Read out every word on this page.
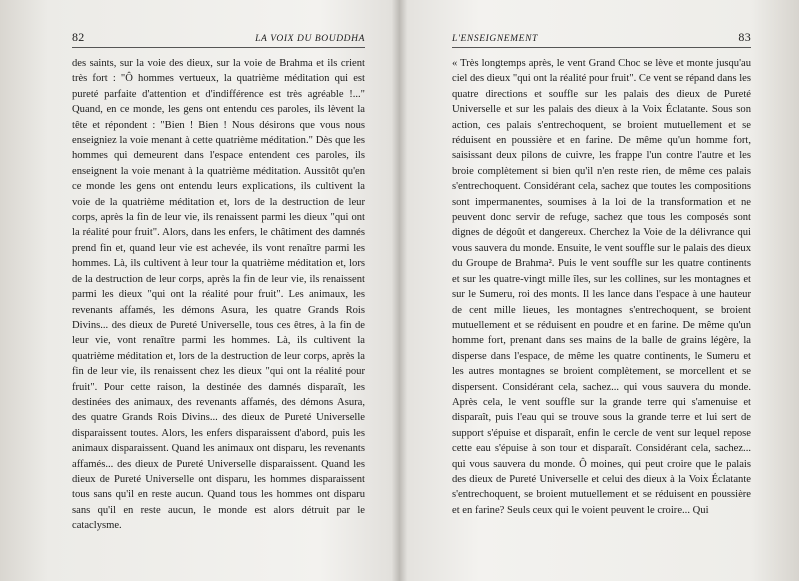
82	LA VOIX DU BOUDDHA

des saints, sur la voie des dieux, sur la voie de Brahma et ils crient très fort : "Ô hommes vertueux, la quatrième méditation qui est pureté parfaite d'attention et d'indifférence est très agréable !..." Quand, en ce monde, les gens ont entendu ces paroles, ils lèvent la tête et répondent : "Bien ! Bien ! Nous désirons que vous nous enseigniez la voie menant à cette quatrième méditation." Dès que les hommes qui demeurent dans l'espace entendent ces paroles, ils enseignent la voie menant à la quatrième méditation. Aussitôt qu'en ce monde les gens ont entendu leurs explications, ils cultivent la voie de la quatrième méditation et, lors de la destruction de leur corps, après la fin de leur vie, ils renaissent parmi les dieux "qui ont la réalité pour fruit". Alors, dans les enfers, le châtiment des damnés prend fin et, quand leur vie est achevée, ils vont renaître parmi les hommes. Là, ils cultivent à leur tour la quatrième méditation et, lors de la destruction de leur corps, après la fin de leur vie, ils renaissent parmi les dieux "qui ont la réalité pour fruit". Les animaux, les revenants affamés, les démons Asura, les quatre Grands Rois Divins... des dieux de Pureté Universelle, tous ces êtres, à la fin de leur vie, vont renaître parmi les hommes. Là, ils cultivent la quatrième méditation et, lors de la destruction de leur corps, après la fin de leur vie, ils renaissent chez les dieux "qui ont la réalité pour fruit". Pour cette raison, la destinée des damnés disparaît, les destinées des animaux, des revenants affamés, des démons Asura, des quatre Grands Rois Divins... des dieux de Pureté Universelle disparaissent toutes. Alors, les enfers disparaissent d'abord, puis les animaux disparaissent. Quand les animaux ont disparu, les revenants affamés... des dieux de Pureté Universelle disparaissent. Quand les dieux de Pureté Universelle ont disparu, les hommes disparaissent tous sans qu'il en reste aucun. Quand tous les hommes ont disparu sans qu'il en reste aucun, le monde est alors détruit par le cataclysme.

L'ENSEIGNEMENT	83

« Très longtemps après, le vent Grand Choc se lève et monte jusqu'au ciel des dieux "qui ont la réalité pour fruit". Ce vent se répand dans les quatre directions et souffle sur les palais des dieux de Pureté Universelle et sur les palais des dieux à la Voix Éclatante. Sous son action, ces palais s'entrechoquent, se broient mutuellement et se réduisent en poussière et en farine. De même qu'un homme fort, saisissant deux pilons de cuivre, les frappe l'un contre l'autre et les broie complètement si bien qu'il n'en reste rien, de même ces palais s'entrechoquent. Considérant cela, sachez que toutes les compositions sont impermanentes, soumises à la loi de la transformation et ne peuvent donc servir de refuge, sachez que tous les composés sont dignes de dégoût et dangereux. Cherchez la Voie de la délivrance qui vous sauvera du monde. Ensuite, le vent souffle sur le palais des dieux du Groupe de Brahma². Puis le vent souffle sur les quatre continents et sur les quatre-vingt mille îles, sur les collines, sur les montagnes et sur le Sumeru, roi des monts. Il les lance dans l'espace à une hauteur de cent mille lieues, les montagnes s'entrechoquent, se broient mutuellement et se réduisent en poudre et en farine. De même qu'un homme fort, prenant dans ses mains de la balle de grains légère, la disperse dans l'espace, de même les quatre continents, le Sumeru et les autres montagnes se broient complètement, se morcellent et se dispersent. Considérant cela, sachez... qui vous sauvera du monde. Après cela, le vent souffle sur la grande terre qui s'amenuise et disparaît, puis l'eau qui se trouve sous la grande terre et lui sert de support s'épuise et disparaît, enfin le cercle de vent sur lequel repose cette eau s'épuise à son tour et disparaît. Considérant cela, sachez... qui vous sauvera du monde. Ô moines, qui peut croire que le palais des dieux de Pureté Universelle et celui des dieux à la Voix Éclatante s'entrechoquent, se broient mutuellement et se réduisent en poussière et en farine? Seuls ceux qui le voient peuvent le croire... Qui
